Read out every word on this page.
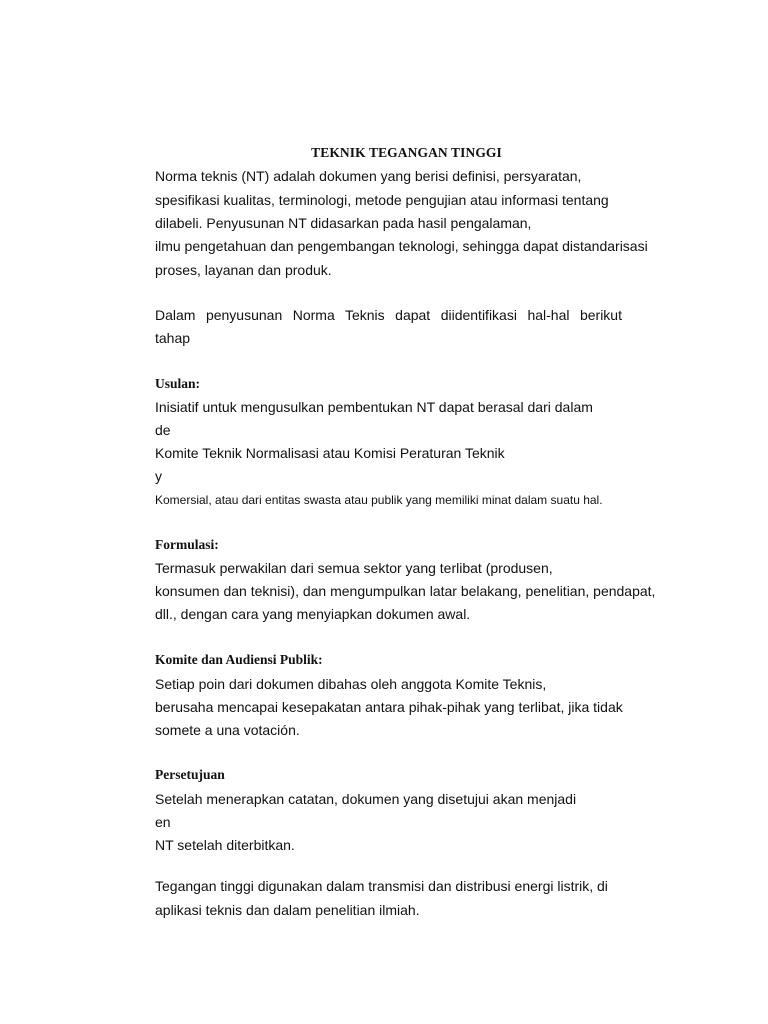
TEKNIK TEGANGAN TINGGI
Norma teknis (NT) adalah dokumen yang berisi definisi, persyaratan,
spesifikasi kualitas, terminologi, metode pengujian atau informasi tentang
dilabeli. Penyusunan NT didasarkan pada hasil pengalaman,
ilmu pengetahuan dan pengembangan teknologi, sehingga dapat distandarisasi
proses, layanan dan produk.
Dalam penyusunan Norma Teknis dapat diidentifikasi hal-hal berikut
tahap
Usulan:
Inisiatif untuk mengusulkan pembentukan NT dapat berasal dari dalam
de
Komite Teknik Normalisasi atau Komisi Peraturan Teknik
y
Komersial, atau dari entitas swasta atau publik yang memiliki minat dalam suatu hal.
Formulasi:
Termasuk perwakilan dari semua sektor yang terlibat (produsen,
konsumen dan teknisi), dan mengumpulkan latar belakang, penelitian, pendapat,
dll., dengan cara yang menyiapkan dokumen awal.
Komite dan Audiensi Publik:
Setiap poin dari dokumen dibahas oleh anggota Komite Teknis,
berusaha mencapai kesepakatan antara pihak-pihak yang terlibat, jika tidak
somete a una votación.
Persetujuan
Setelah menerapkan catatan, dokumen yang disetujui akan menjadi
en
NT setelah diterbitkan.
Tegangan tinggi digunakan dalam transmisi dan distribusi energi listrik, di
aplikasi teknis dan dalam penelitian ilmiah.
